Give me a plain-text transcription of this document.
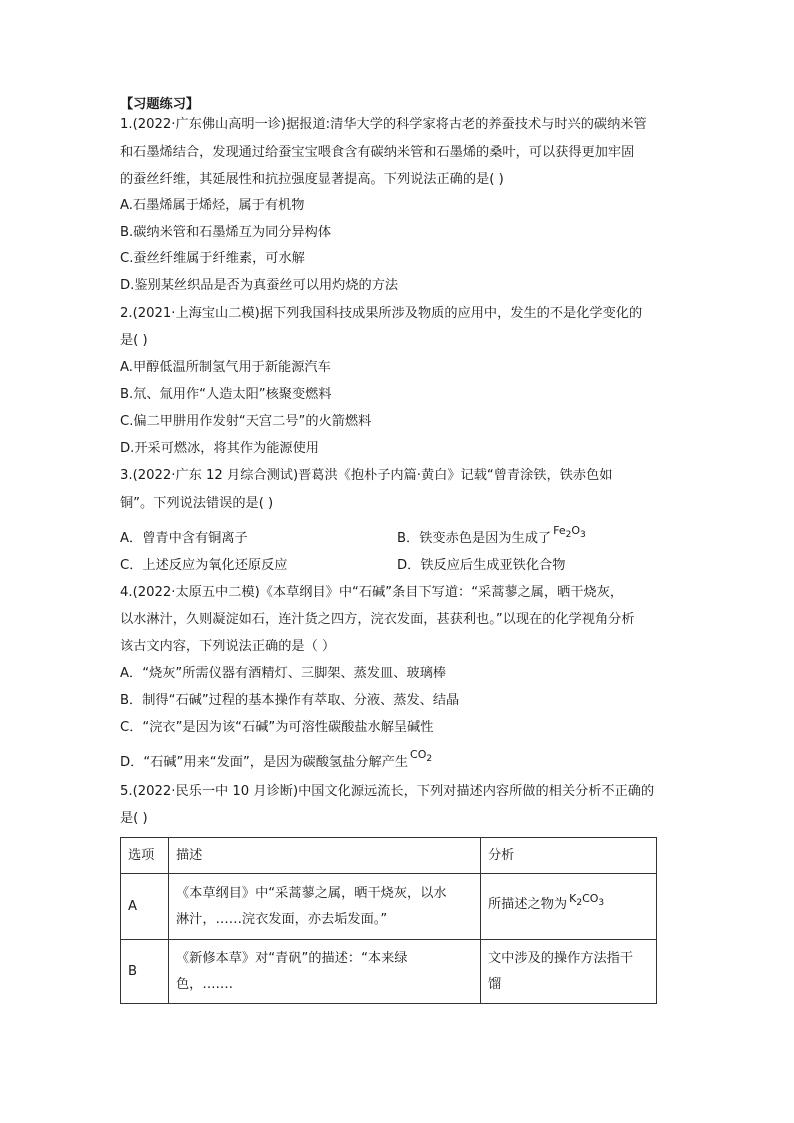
【习题练习】
1.(2022·广东佛山高明一诊)据报道:清华大学的科学家将古老的养蚕技术与时兴的碳纳米管
和石墨烯结合，发现通过给蚕宝宝喂食含有碳纳米管和石墨烯的桑叶，可以获得更加牢固
的蚕丝纤维，其延展性和抗拉强度显著提高。下列说法正确的是( )
A.石墨烯属于烯烃，属于有机物
B.碳纳米管和石墨烯互为同分异构体
C.蚕丝纤维属于纤维素，可水解
D.鉴别某丝织品是否为真蚕丝可以用灼烧的方法
2.(2021·上海宝山二模)据下列我国科技成果所涉及物质的应用中，发生的不是化学变化的
是( )
A.甲醇低温所制氢气用于新能源汽车
B.氘、氚用作“人造太阳”核聚变燃料
C.偏二甲肼用作发射“天宫二号”的火箭燃料
D.开采可燃冰，将其作为能源使用
3.(2022·广东 12 月综合测试)晋葛洪《抱朴子内篇·黄白》记载“曾青涂铁，铁赤色如
铜”。下列说法错误的是( )
A．曾青中含有铜离子	B．铁变赤色是因为生成了$^{Fe_2O_3}$
C．上述反应为氧化还原反应	D．铁反应后生成亚铁化合物
4.(2022·太原五中二模)《本草纲目》中“石碱”条目下写道：“采蒿蓼之属，晒干烧灰，
以水淋汁，久则凝淀如石，连汁货之四方，浣衣发面，甚获利也。”以现在的化学视角分析
该古文内容，下列说法正确的是（ ）
A．“烧灰”所需仪器有酒精灯、三脚架、蒸发皿、玻璃棒
B．制得“石碱”过程的基本操作有萃取、分液、蒸发、结晶
C．“浣衣”是因为该“石碱”为可溶性碳酸盐水解呈碱性
D．“石碱”用来“发面”，是因为碳酸氢盐分解产生$^{CO_2}$
5.(2022·民乐一中 10 月诊断)中国文化源远流长，下列对描述内容所做的相关分析不正确的
是( )
选项	描述	分析
A	《本草纲目》中“采蒿蓼之属，晒干烧灰，以水
淋汁，……浣衣发面，亦去垢发面。”	所描述之物为 $^{K_2CO_3}$
B	《新修本草》对“青矾”的描述：“本来绿
色，…….	文中涉及的操作方法指干
馏
